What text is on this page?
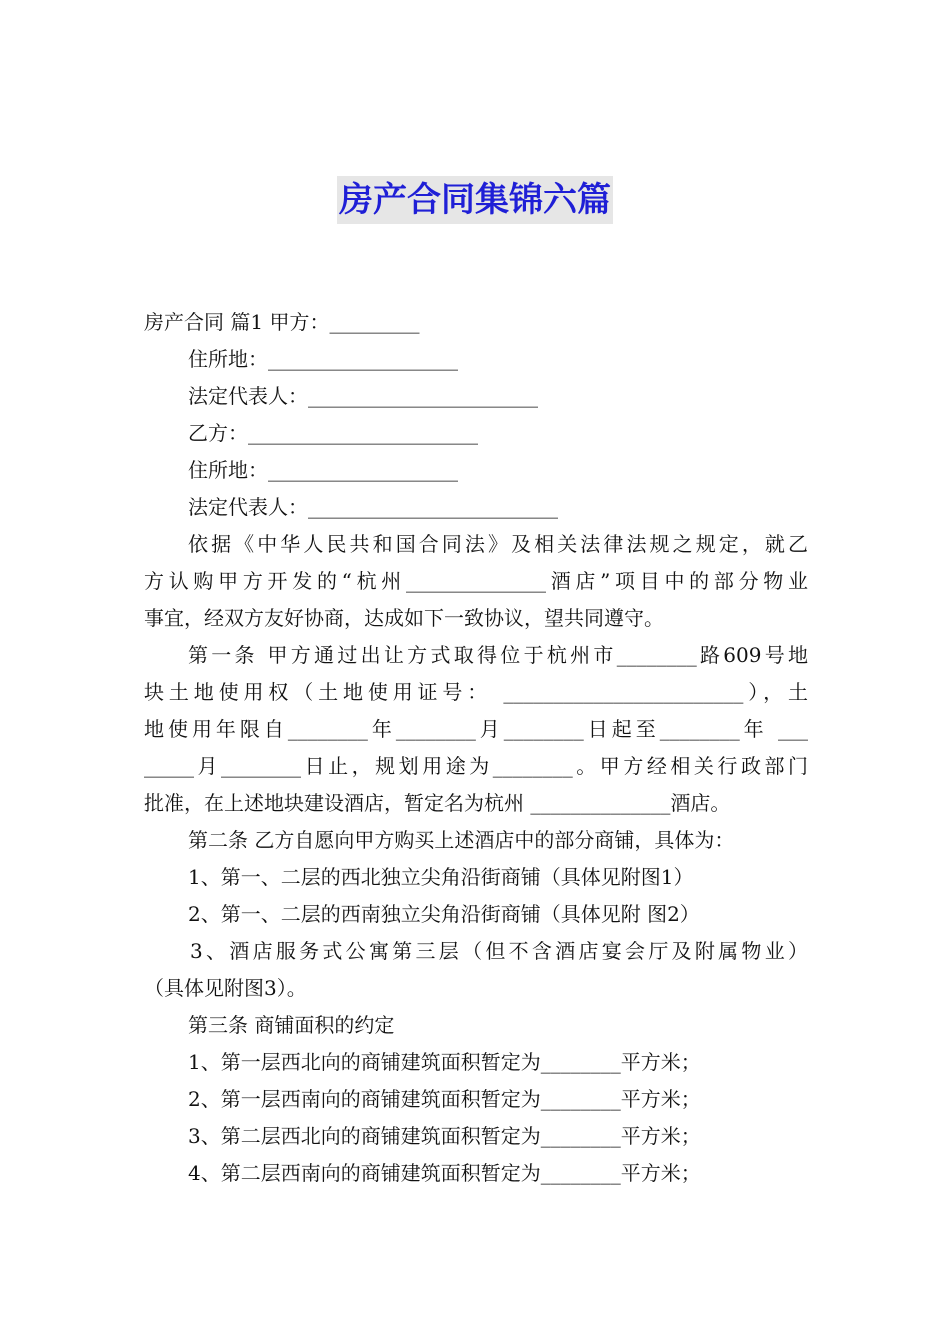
房产合同集锦六篇
房产合同 篇1 甲方：_________
住所地：___________________
法定代表人：_______________________
乙方：_______________________
住所地：___________________
法定代表人：_________________________
依据《中华人民共和国合同法》及相关法律法规之规定，就乙
方认购甲方开发的“杭州______________酒店”项目中的部分物业
事宜，经双方友好协商，达成如下一致协议，望共同遵守。
第一条 甲方通过出让方式取得位于杭州市________路609号地
块土地使用权（土地使用证号： ________________________），土
地使用年限自________年________月________日起至________年 ___
_____月________日止，规划用途为________。甲方经相关行政部门
批准，在上述地块建设酒店，暂定名为杭州 ______________酒店。
第二条 乙方自愿向甲方购买上述酒店中的部分商铺，具体为：
1、第一、二层的西北独立尖角沿街商铺（具体见附图1）
2、第一、二层的西南独立尖角沿街商铺（具体见附 图2）
3、酒店服务式公寓第三层（但不含酒店宴会厅及附属物业）
（具体见附图3）。
第三条 商铺面积的约定
1、第一层西北向的商铺建筑面积暂定为________平方米；
2、第一层西南向的商铺建筑面积暂定为________平方米；
3、第二层西北向的商铺建筑面积暂定为________平方米；
4、第二层西南向的商铺建筑面积暂定为________平方米；
